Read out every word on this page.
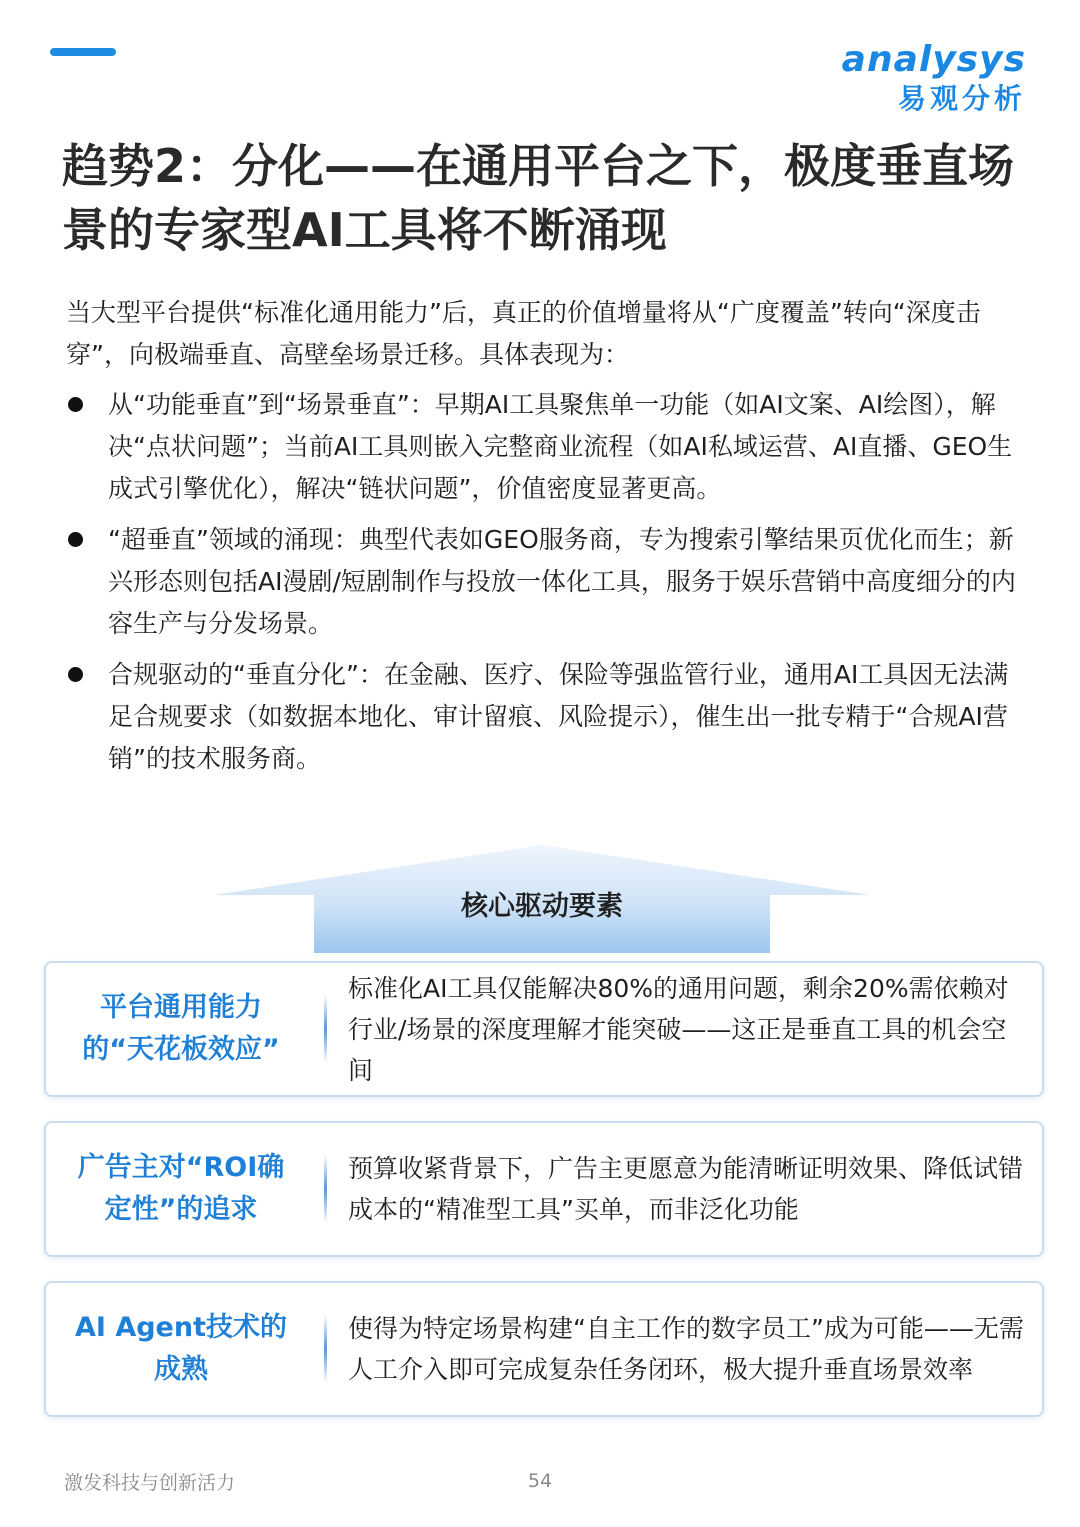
analysys
易观分析
趋势2：分化——在通用平台之下，极度垂直场景的专家型AI工具将不断涌现

当大型平台提供“标准化通用能力”后，真正的价值增量将从“广度覆盖”转向“深度击穿”，向极端垂直、高壁垒场景迁移。具体表现为：

从“功能垂直”到“场景垂直”：早期AI工具聚焦单一功能（如AI文案、AI绘图），解决“点状问题”；当前AI工具则嵌入完整商业流程（如AI私域运营、AI直播、GEO生成式引擎优化），解决“链状问题”，价值密度显著更高。
“超垂直”领域的涌现：典型代表如GEO服务商，专为搜索引擎结果页优化而生；新兴形态则包括AI漫剧/短剧制作与投放一体化工具，服务于娱乐营销中高度细分的内容生产与分发场景。
合规驱动的“垂直分化”：在金融、医疗、保险等强监管行业，通用AI工具因无法满足合规要求（如数据本地化、审计留痕、风险提示），催生出一批专精于“合规AI营销”的技术服务商。
核心驱动要素
平台通用能力的“天花板效应”
标准化AI工具仅能解决80%的通用问题，剩余20%需依赖对行业/场景的深度理解才能突破——这正是垂直工具的机会空间
广告主对“ROI确定性”的追求
预算收紧背景下，广告主更愿意为能清晰证明效果、降低试错成本的“精准型工具”买单，而非泛化功能
AI Agent技术的成熟
使得为特定场景构建“自主工作的数字员工”成为可能——无需人工介入即可完成复杂任务闭环，极大提升垂直场景效率
激发科技与创新活力	54
